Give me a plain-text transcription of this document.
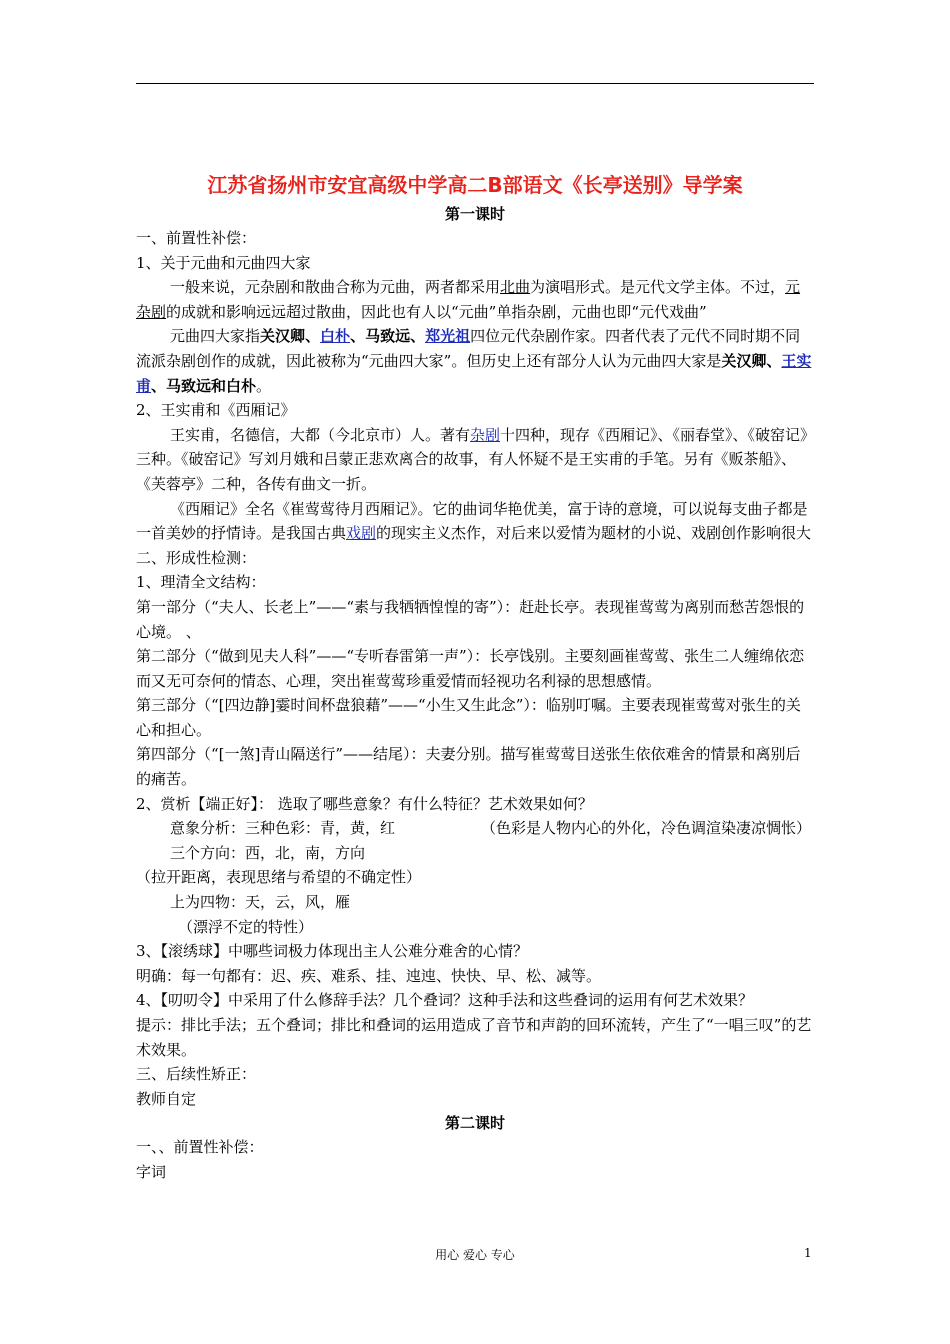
江苏省扬州市安宜高级中学高二B部语文《长亭送别》导学案
第一课时

一、前置性补偿：

1、关于元曲和元曲四大家

一般来说，元杂剧和散曲合称为元曲，两者都采用北曲为演唱形式。是元代文学主体。不过，元杂剧的成就和影响远远超过散曲，因此也有人以“元曲”单指杂剧，元曲也即“元代戏曲”

元曲四大家指关汉卿、白朴、马致远、郑光祖四位元代杂剧作家。四者代表了元代不同时期不同流派杂剧创作的成就，因此被称为“元曲四大家”。但历史上还有部分人认为元曲四大家是关汉卿、王实甫、马致远和白朴。

2、王实甫和《西厢记》

王实甫，名德信，大都（今北京市）人。著有杂剧十四种，现存《西厢记》、《丽春堂》、《破窑记》三种。《破窑记》写刘月娥和吕蒙正悲欢离合的故事，有人怀疑不是王实甫的手笔。另有《贩茶船》、《芙蓉亭》二种，各传有曲文一折。

《西厢记》全名《崔莺莺待月西厢记》。它的曲词华艳优美，富于诗的意境，可以说每支曲子都是一首美妙的抒情诗。是我国古典戏剧的现实主义杰作，对后来以爱情为题材的小说、戏剧创作影响很大

二、形成性检测：

1、理清全文结构：

第一部分（“夫人、长老上”——“素与我牺牺惶惶的寄”）：赶赴长亭。表现崔莺莺为离别而愁苦怨恨的心境。 、

第二部分（“做到见夫人科”——“专听春雷第一声”）：长亭饯别。主要刻画崔莺莺、张生二人缠绵依恋而又无可奈何的情态、心理，突出崔莺莺珍重爱情而轻视功名利禄的思想感情。

第三部分（“[四边静]霎时间杯盘狼藉”——“小生又生此念”）：临别叮嘱。主要表现崔莺莺对张生的关心和担心。

第四部分（“[一煞]青山隔送行”——结尾）：夫妻分别。描写崔莺莺目送张生依依难舍的情景和离别后的痛苦。

2、赏析【端正好】： 选取了哪些意象？有什么特征？艺术效果如何？

意象分析：三种色彩：青，黄，红	（色彩是人物内心的外化，冷色调渲染凄凉惆怅）

三个方向：西，北，南，方向

（拉开距离，表现思绪与希望的不确定性）

上为四物：天，云，风，雁

（漂浮不定的特性）

3、【滚绣球】中哪些词极力体现出主人公难分难舍的心情？

明确：每一句都有：迟、疾、难系、挂、迍迍、快快、早、松、减等。

4、【叨叨令】中采用了什么修辞手法？几个叠词？这种手法和这些叠词的运用有何艺术效果？

提示：排比手法；五个叠词；排比和叠词的运用造成了音节和声韵的回环流转，产生了“一唱三叹”的艺术效果。

三、后续性矫正：

教师自定

第二课时

一、、前置性补偿：

字词

用心 爱心 专心	1
